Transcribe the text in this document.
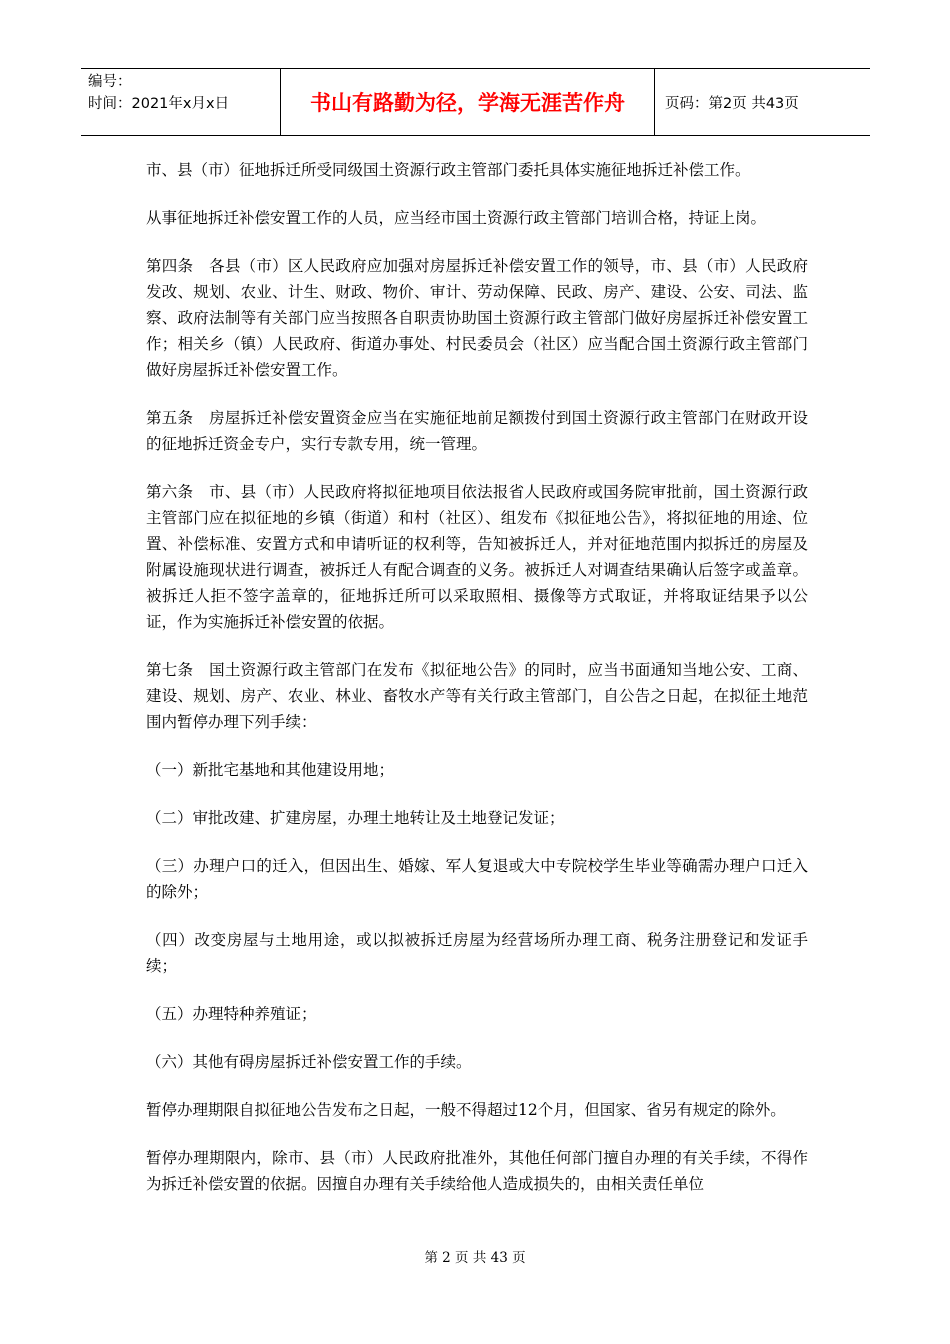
编号：
时间：2021年x月x日	书山有路勤为径，学海无涯苦作舟	页码：第2页 共43页

市、县（市）征地拆迁所受同级国土资源行政主管部门委托具体实施征地拆迁补偿工作。

从事征地拆迁补偿安置工作的人员，应当经市国土资源行政主管部门培训合格，持证上岗。

第四条　各县（市）区人民政府应加强对房屋拆迁补偿安置工作的领导，市、县（市）人民政府发改、规划、农业、计生、财政、物价、审计、劳动保障、民政、房产、建设、公安、司法、监察、政府法制等有关部门应当按照各自职责协助国土资源行政主管部门做好房屋拆迁补偿安置工作；相关乡（镇）人民政府、街道办事处、村民委员会（社区）应当配合国土资源行政主管部门做好房屋拆迁补偿安置工作。

第五条　房屋拆迁补偿安置资金应当在实施征地前足额拨付到国土资源行政主管部门在财政开设的征地拆迁资金专户，实行专款专用，统一管理。

第六条　市、县（市）人民政府将拟征地项目依法报省人民政府或国务院审批前，国土资源行政主管部门应在拟征地的乡镇（街道）和村（社区）、组发布《拟征地公告》，将拟征地的用途、位置、补偿标准、安置方式和申请听证的权利等，告知被拆迁人，并对征地范围内拟拆迁的房屋及附属设施现状进行调查，被拆迁人有配合调查的义务。被拆迁人对调查结果确认后签字或盖章。被拆迁人拒不签字盖章的，征地拆迁所可以采取照相、摄像等方式取证，并将取证结果予以公证，作为实施拆迁补偿安置的依据。

第七条　国土资源行政主管部门在发布《拟征地公告》的同时，应当书面通知当地公安、工商、建设、规划、房产、农业、林业、畜牧水产等有关行政主管部门，自公告之日起，在拟征土地范围内暂停办理下列手续：

（一）新批宅基地和其他建设用地；

（二）审批改建、扩建房屋，办理土地转让及土地登记发证；

（三）办理户口的迁入，但因出生、婚嫁、军人复退或大中专院校学生毕业等确需办理户口迁入的除外；

（四）改变房屋与土地用途，或以拟被拆迁房屋为经营场所办理工商、税务注册登记和发证手续；

（五）办理特种养殖证；

（六）其他有碍房屋拆迁补偿安置工作的手续。

暂停办理期限自拟征地公告发布之日起，一般不得超过12个月，但国家、省另有规定的除外。

暂停办理期限内，除市、县（市）人民政府批准外，其他任何部门擅自办理的有关手续，不得作为拆迁补偿安置的依据。因擅自办理有关手续给他人造成损失的，由相关责任单位

第 2 页 共 43 页
